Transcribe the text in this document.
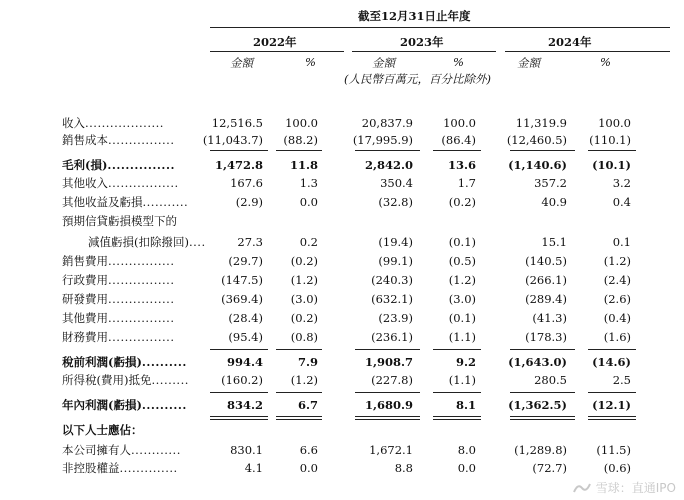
截至12月31日止年度
2022年	2023年	2024年
金額	%	金額	%	金額	%
(人民幣百萬元，百分比除外)
收入...................	12,516.5 100.0	20,837.9	100.0	11,319.9	100.0
銷售成本................ (11,043.7) (88.2)	(17,995.9) (86.4)	(12,460.5) (110.1)
毛利(損)...............	1,472.8 11.8	2,842.0	13.6	(1,140.6) (10.1)
其他收入.................	167.6	1.3	350.4	1.7	357.2	3.2
其他收益及虧損...........	(2.9)	0.0	(32.8)	(0.2)	40.9	0.4
預期信貸虧損模型下的
減值虧損(扣除撥回)....	27.3	0.2	(19.4)	(0.1)	15.1	0.1
銷售費用................	(29.7) (0.2)	(99.1)	(0.5)	(140.5)	(1.2)
行政費用................	(147.5) (1.2)	(240.3)	(1.2)	(266.1)	(2.4)
研發費用................	(369.4) (3.0)	(632.1)	(3.0)	(289.4)	(2.6)
其他費用................	(28.4) (0.2)	(23.9)	(0.1)	(41.3)	(0.4)
財務費用................	(95.4) (0.8)	(236.1)	(1.1)	(178.3)	(1.6)
稅前利潤(虧損)..........	994.4	7.9	1,908.7	9.2	(1,643.0) (14.6)
所得稅(費用)抵免.........	(160.2) (1.2)	(227.8)	(1.1)	280.5	2.5
年內利潤(虧損)..........	834.2	6.7	1,680.9	8.1	(1,362.5) (12.1)
以下人士應佔：
本公司擁有人............	830.1	6.6	1,672.1	8.0	(1,289.8)	(11.5)
非控股權益..............	4.1	0.0	8.8	0.0	(72.7)	(0.6)
雪球：直通IPO
